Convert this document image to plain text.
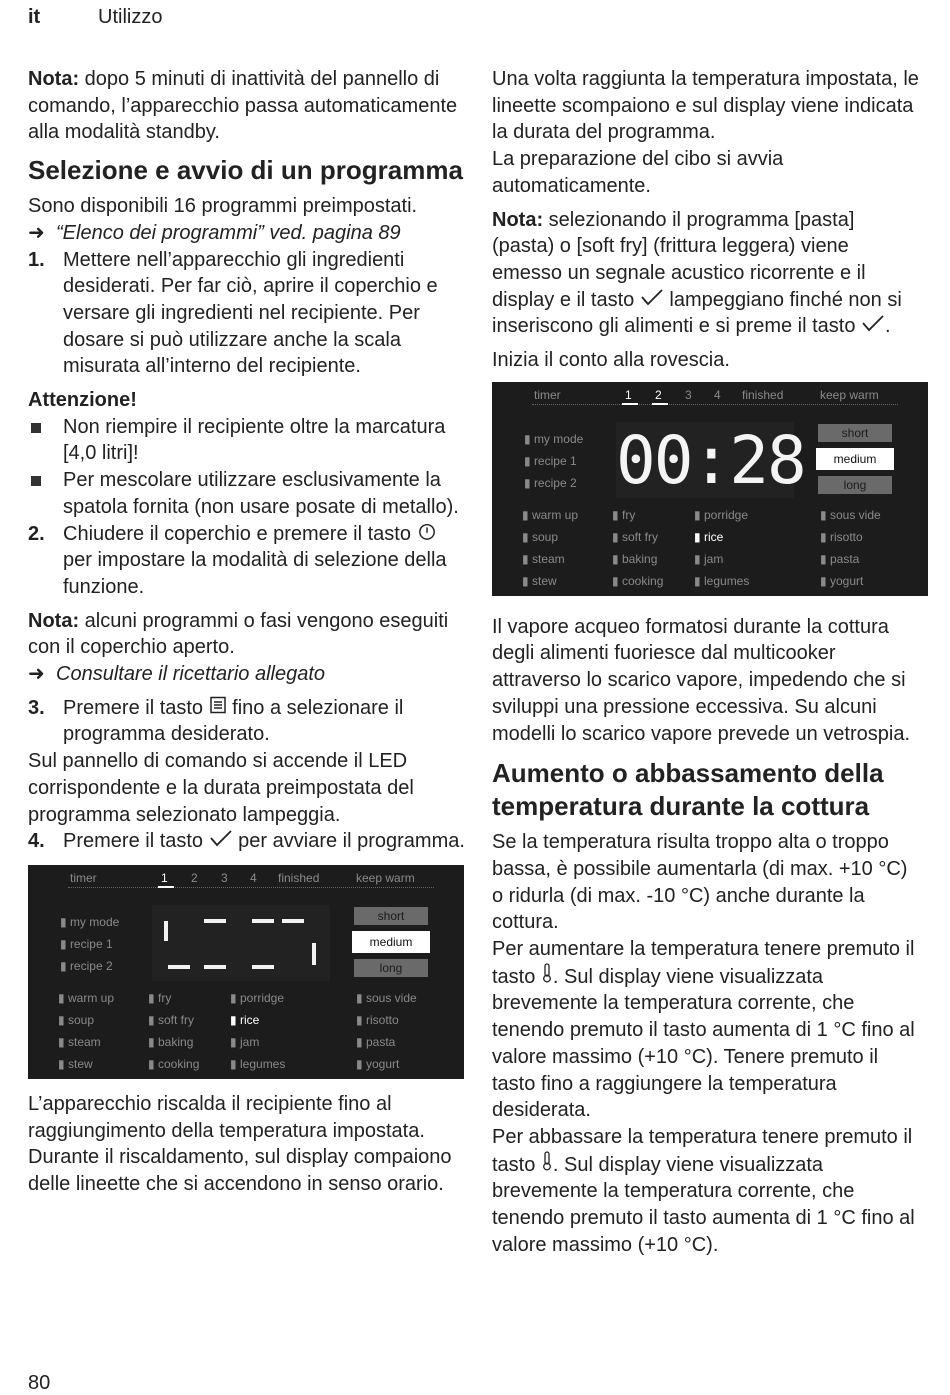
it	Utilizzo

Nota: dopo 5 minuti di inattività del pannello di comando, l’apparecchio passa automaticamente alla modalità standby.

Selezione e avvio di un programma

Sono disponibili 16 programmi preimpostati.

➜ “Elenco dei programmi” ved. pagina 89

1. Mettere nell’apparecchio gli ingredienti desiderati. Per far ciò, aprire il coperchio e versare gli ingredienti nel recipiente. Per dosare si può utilizzare anche la scala misurata all’interno del recipiente.

Attenzione!

Non riempire il recipiente oltre la marcatura [4,0 litri]!
Per mescolare utilizzare esclusivamente la spatola fornita (non usare posate di metallo).
2. Chiudere il coperchio e premere il tasto  per impostare la modalità di selezione della funzione.

Nota: alcuni programmi o fasi vengono eseguiti con il coperchio aperto.

➜ Consultare il ricettario allegato

3. Premere il tasto  fino a selezionare il programma desiderato.

Sul pannello di comando si accende il LED corrispondente e la durata preimpostata del programma selezionato lampeggia.

4. Premere il tasto  per avviare il programma.
timer	1 2 3 4 finished	keep warm
▮ my mode
▮ recipe 1
▮ recipe 2
short
medium
long
▮ warm up	▮ fry	▮ porridge	▮ sous vide
▮ soup	▮ soft fry	▮ rice	▮ risotto
▮ steam	▮ baking	▮ jam	▮ pasta
▮ stew	▮ cooking	▮ legumes	▮ yogurt

L’apparecchio riscalda il recipiente fino al raggiungimento della temperatura impostata. Durante il riscaldamento, sul display compaiono delle lineette che si accendono in senso orario.

Una volta raggiunta la temperatura impostata, le lineette scompaiono e sul display viene indicata la durata del programma.

La preparazione del cibo si avvia automaticamente.

Nota: selezionando il programma [pasta] (pasta) o [soft fry] (frittura leggera) viene emesso un segnale acustico ricorrente e il display e il tasto  lampeggiano finché non si inseriscono gli alimenti e si preme il tasto .

Inizia il conto alla rovescia.

timer	1 2 3 4 finished	keep warm
▮ my mode
▮ recipe 1
▮ recipe 2 00:28	short
medium
long
▮ warm up	▮ fry	▮ porridge	▮ sous vide
▮ soup	▮ soft fry	▮ rice	▮ risotto
▮ steam	▮ baking	▮ jam	▮ pasta
▮ stew	▮ cooking	▮ legumes	▮ yogurt

Il vapore acqueo formatosi durante la cottura degli alimenti fuoriesce dal multicooker attraverso lo scarico vapore, impedendo che si sviluppi una pressione eccessiva. Su alcuni modelli lo scarico vapore prevede un vetrospia.

Aumento o abbassamento della temperatura durante la cottura

Se la temperatura risulta troppo alta o troppo bassa, è possibile aumentarla (di max. +10 °C) o ridurla (di max. -10 °C) anche durante la cottura.

Per aumentare la temperatura tenere premuto il tasto . Sul display viene visualizzata brevemente la temperatura corrente, che tenendo premuto il tasto aumenta di 1 °C fino al valore massimo (+10 °C). Tenere premuto il tasto fino a raggiungere la temperatura desiderata.

Per abbassare la temperatura tenere premuto il tasto . Sul display viene visualizzata brevemente la temperatura corrente, che tenendo premuto il tasto aumenta di 1 °C fino al valore massimo (+10 °C).

80
